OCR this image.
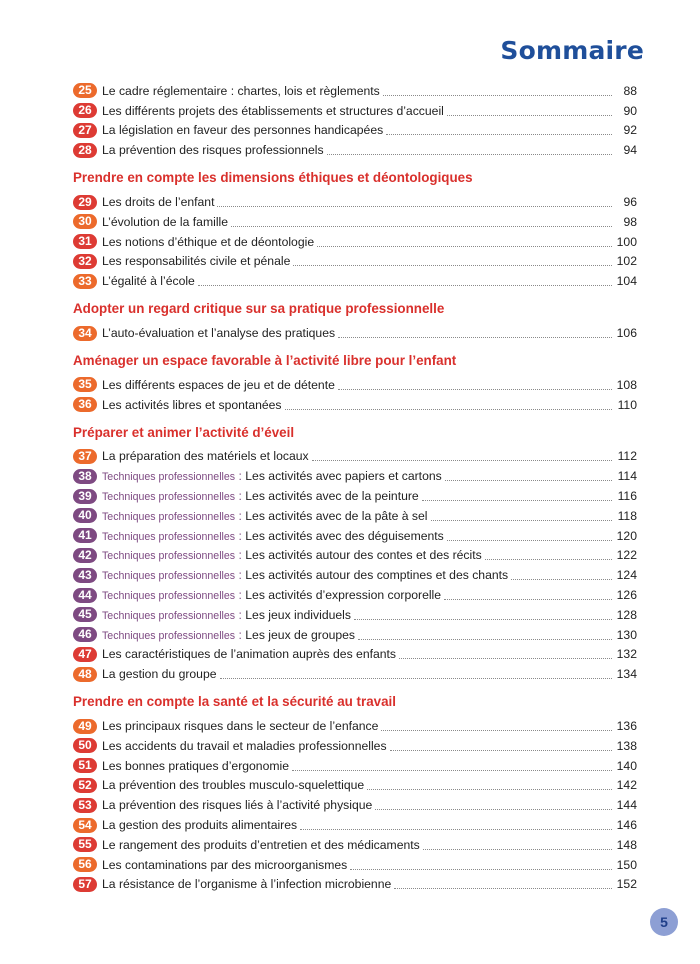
Sommaire
25 Le cadre réglementaire : chartes, lois et règlements	88
26 Les différents projets des établissements et structures d’accueil	90
27 La législation en faveur des personnes handicapées	92
28 La prévention des risques professionnels	94
Prendre en compte les dimensions éthiques et déontologiques
29 Les droits de l’enfant	96
30 L’évolution de la famille	98
31 Les notions d’éthique et de déontologie	100
32 Les responsabilités civile et pénale	102
33 L’égalité à l’école	104
Adopter un regard critique sur sa pratique professionnelle
34 L’auto-évaluation et l’analyse des pratiques	106
Aménager un espace favorable à l’activité libre pour l’enfant
35 Les différents espaces de jeu et de détente	108
36 Les activités libres et spontanées	110
Préparer et animer l’activité d’éveil
37 La préparation des matériels et locaux	112
38 Techniques professionnelles : Les activités avec papiers et cartons	114
39 Techniques professionnelles : Les activités avec de la peinture	116
40 Techniques professionnelles : Les activités avec de la pâte à sel	118
41 Techniques professionnelles : Les activités avec des déguisements	120
42 Techniques professionnelles : Les activités autour des contes et des récits	122
43 Techniques professionnelles : Les activités autour des comptines et des chants	124
44 Techniques professionnelles : Les activités d’expression corporelle	126
45 Techniques professionnelles : Les jeux individuels	128
46 Techniques professionnelles : Les jeux de groupes	130
47 Les caractéristiques de l’animation auprès des enfants	132
48 La gestion du groupe	134
Prendre en compte la santé et la sécurité au travail
49 Les principaux risques dans le secteur de l’enfance	136
50 Les accidents du travail et maladies professionnelles	138
51 Les bonnes pratiques d’ergonomie	140
52 La prévention des troubles musculo-squelettique	142
53 La prévention des risques liés à l’activité physique	144
54 La gestion des produits alimentaires	146
55 Le rangement des produits d’entretien et des médicaments	148
56 Les contaminations par des microorganismes	150
57 La résistance de l’organisme à l’infection microbienne	152
5
